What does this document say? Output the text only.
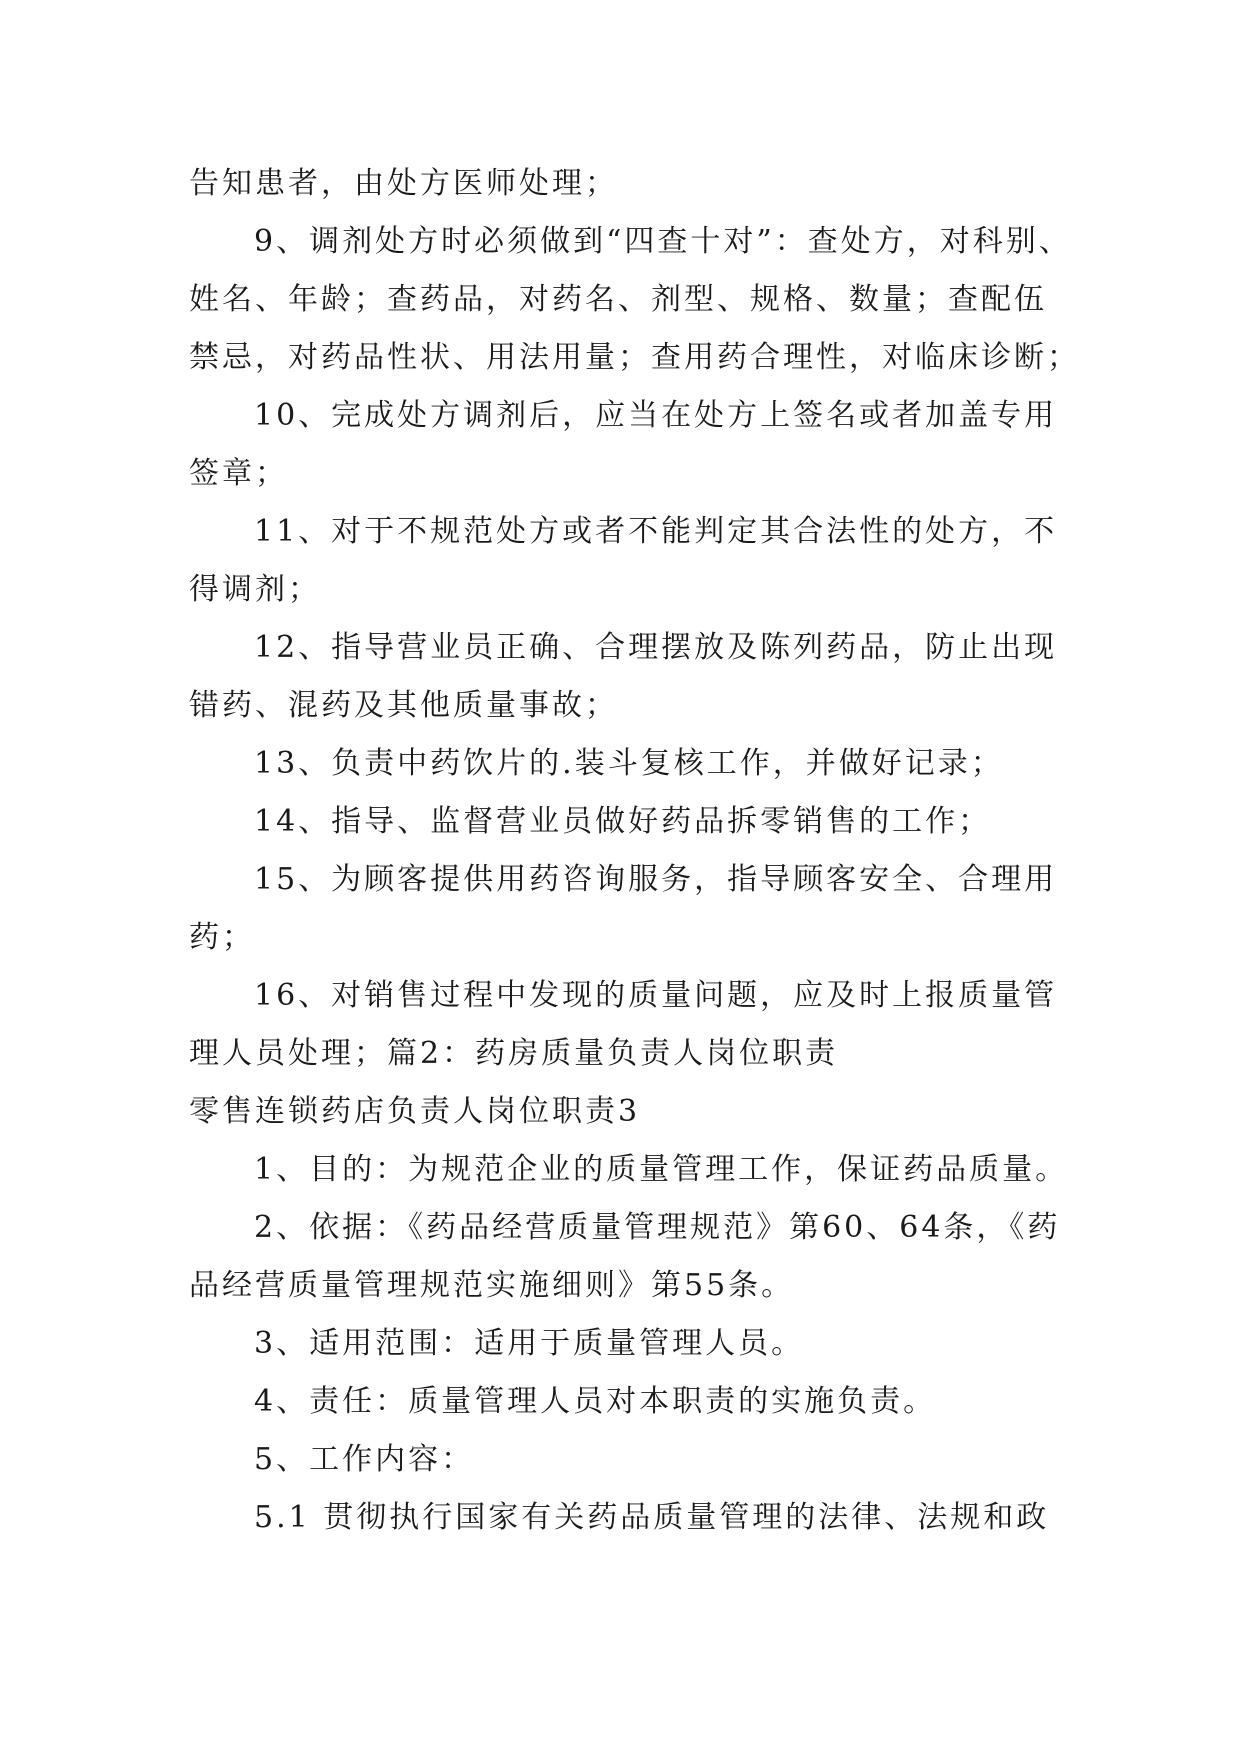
告知患者，由处方医师处理；
9、调剂处方时必须做到“四查十对”：查处方，对科别、
姓名、年龄；查药品，对药名、剂型、规格、数量；查配伍
禁忌，对药品性状、用法用量；查用药合理性，对临床诊断；
10、完成处方调剂后，应当在处方上签名或者加盖专用
签章；
11、对于不规范处方或者不能判定其合法性的处方，不
得调剂；
12、指导营业员正确、合理摆放及陈列药品，防止出现
错药、混药及其他质量事故；
13、负责中药饮片的.装斗复核工作，并做好记录；
14、指导、监督营业员做好药品拆零销售的工作；
15、为顾客提供用药咨询服务，指导顾客安全、合理用
药；
16、对销售过程中发现的质量问题，应及时上报质量管
理人员处理；篇2：药房质量负责人岗位职责
零售连锁药店负责人岗位职责3
1、目的：为规范企业的质量管理工作，保证药品质量。
2、依据：《药品经营质量管理规范》第60、64条，《药
品经营质量管理规范实施细则》第55条。
3、适用范围：适用于质量管理人员。
4、责任：质量管理人员对本职责的实施负责。
5、工作内容：
5.1 贯彻执行国家有关药品质量管理的法律、法规和政
